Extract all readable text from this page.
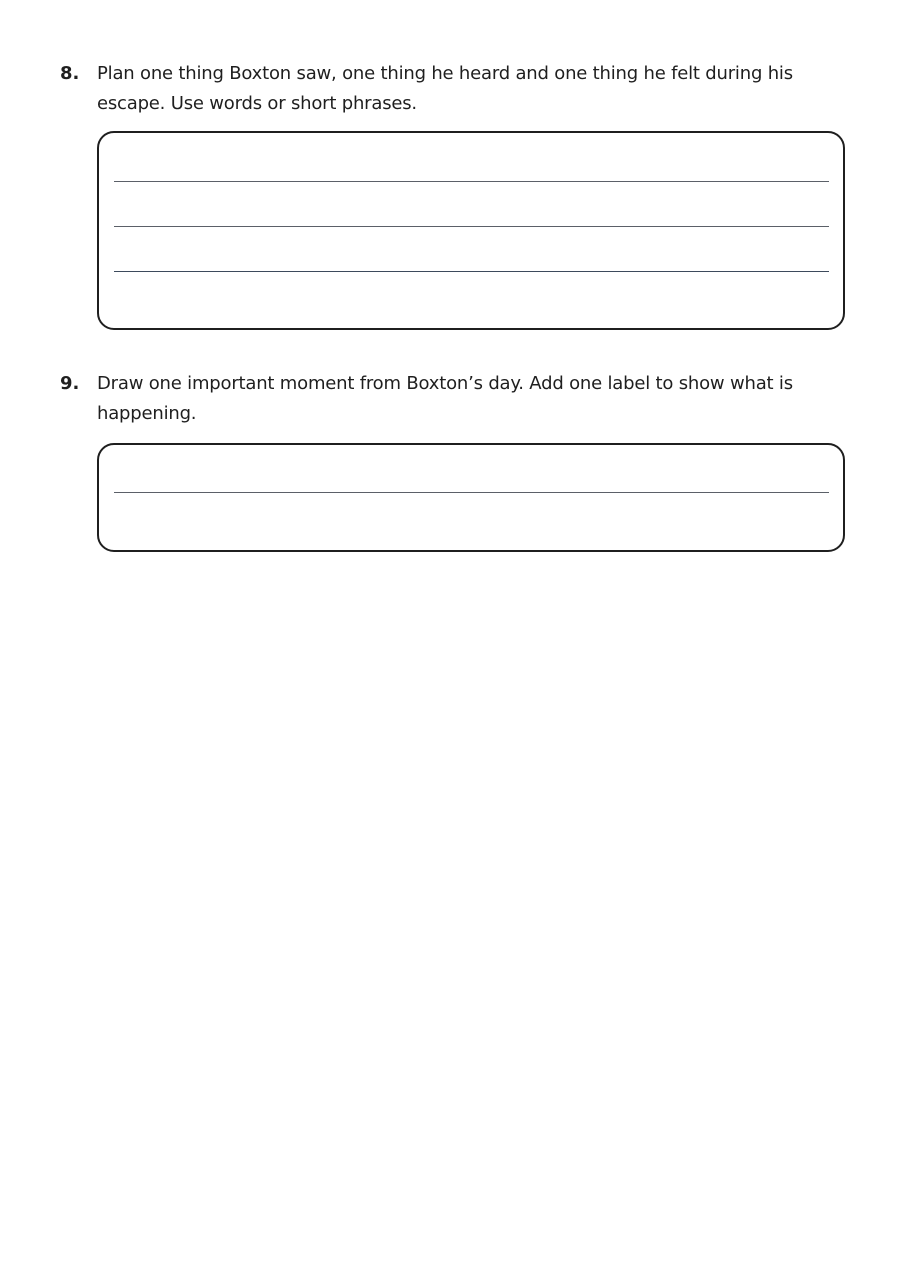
8. Plan one thing Boxton saw, one thing he heard and one thing he felt during his escape. Use words or short phrases.
9. Draw one important moment from Boxton’s day. Add one label to show what is happening.
